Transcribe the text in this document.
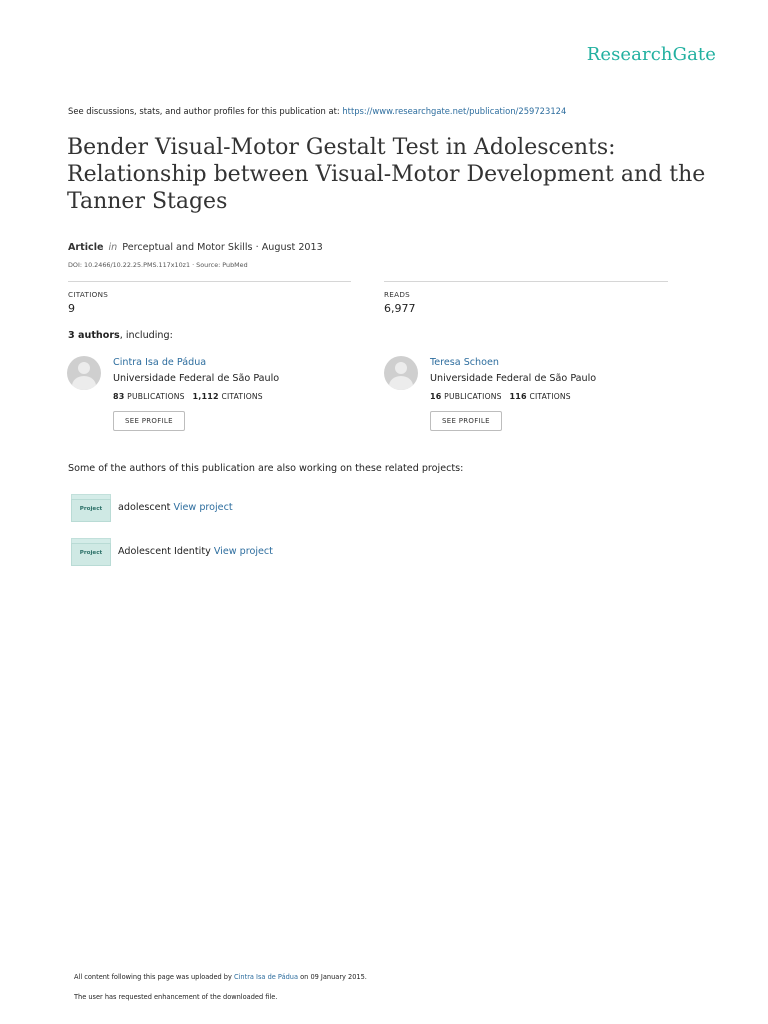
ResearchGate
See discussions, stats, and author profiles for this publication at: https://www.researchgate.net/publication/259723124
Bender Visual-Motor Gestalt Test in Adolescents: Relationship between Visual-Motor Development and the Tanner Stages
Article in Perceptual and Motor Skills · August 2013
DOI: 10.2466/10.22.25.PMS.117x10z1 · Source: PubMed
CITATIONS
9
READS
6,977
3 authors, including:
Cintra Isa de Pádua
Universidade Federal de São Paulo
83 PUBLICATIONS 1,112 CITATIONS
SEE PROFILE
Teresa Schoen
Universidade Federal de São Paulo
16 PUBLICATIONS 116 CITATIONS
SEE PROFILE
Some of the authors of this publication are also working on these related projects:
Project	adolescent View project
Project	Adolescent Identity View project
All content following this page was uploaded by Cintra Isa de Pádua on 09 January 2015.
The user has requested enhancement of the downloaded file.
